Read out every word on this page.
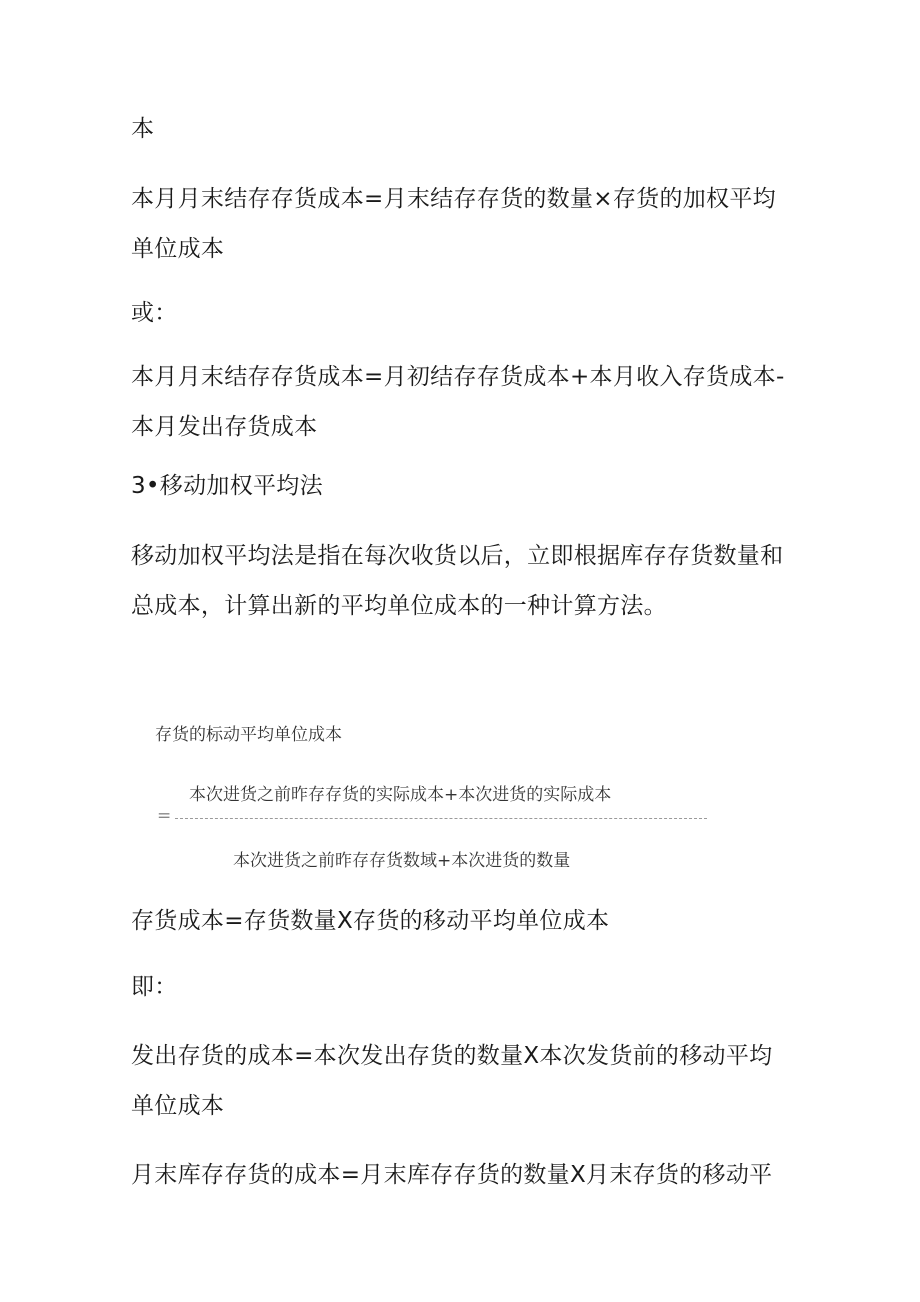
本

本月月末结存存货成本=月末结存存货的数量×存货的加权平均单位成本

或：

本月月末结存存货成本=月初结存存货成本+本月收入存货成本-本月发出存货成本

3•移动加权平均法

移动加权平均法是指在每次收货以后，立即根据库存存货数量和总成本，计算出新的平均单位成本的一种计算方法。

存货的标动平均单位成本
本次进货之前昨存存货的实际成本+本次进货的实际成本
=
本次进货之前昨存存货数域+本次进货的数量

存货成本=存货数量Ⅹ存货的移动平均单位成本

即：

发出存货的成本=本次发出存货的数量Ⅹ本次发货前的移动平均单位成本

月末库存存货的成本=月末库存存货的数量Ⅹ月末存货的移动平
